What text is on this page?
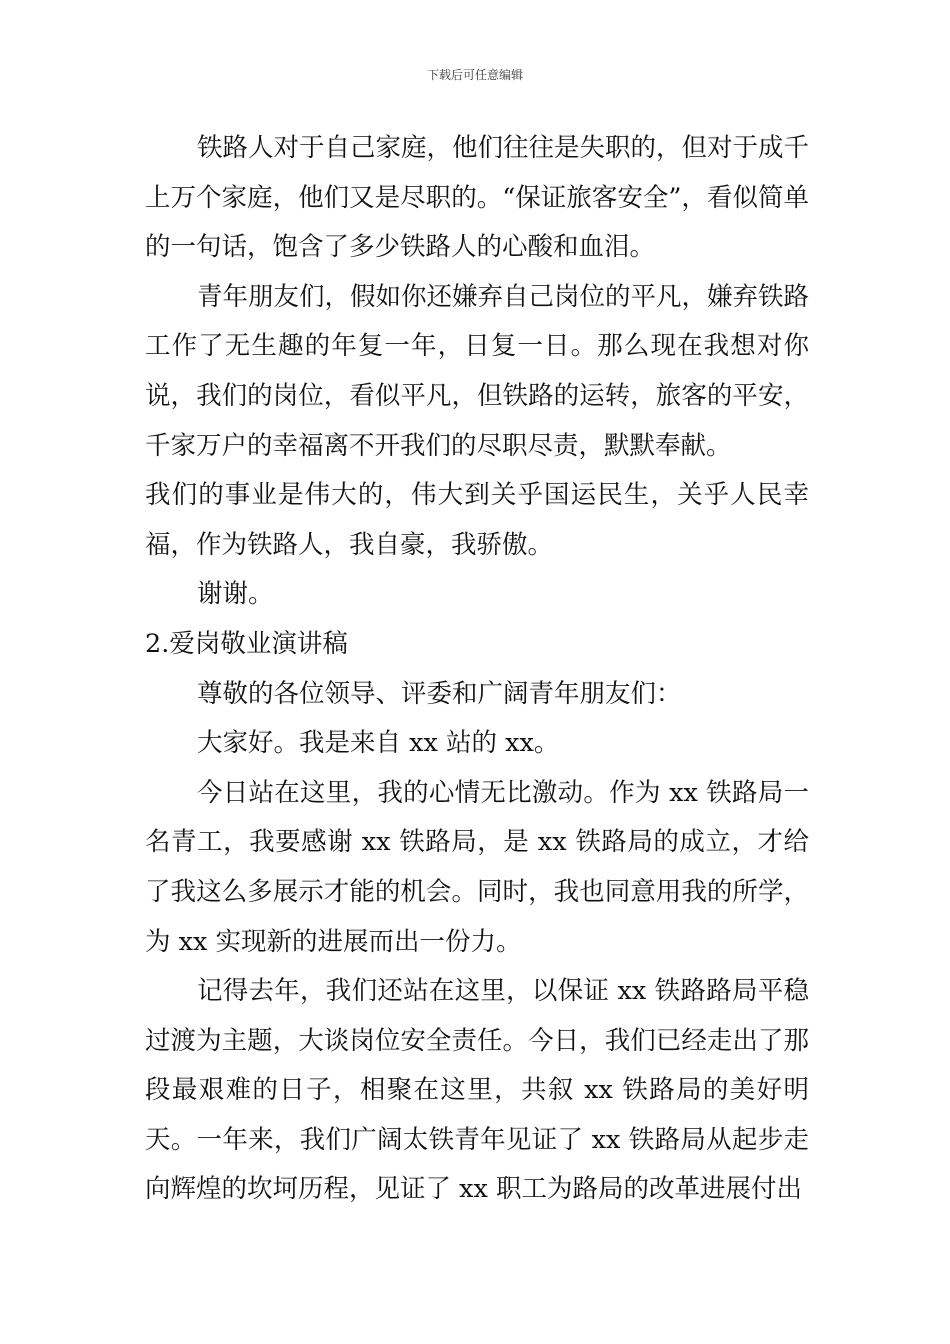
下载后可任意编辑

铁路人对于自己家庭，他们往往是失职的，但对于成千上万个家庭，他们又是尽职的。“保证旅客安全”，看似简单的一句话，饱含了多少铁路人的心酸和血泪。

青年朋友们，假如你还嫌弃自己岗位的平凡，嫌弃铁路工作了无生趣的年复一年，日复一日。那么现在我想对你说，我们的岗位，看似平凡，但铁路的运转，旅客的平安，千家万户的幸福离不开我们的尽职尽责，默默奉献。

我们的事业是伟大的，伟大到关乎国运民生，关乎人民幸福，作为铁路人，我自豪，我骄傲。

谢谢。

2.爱岗敬业演讲稿

尊敬的各位领导、评委和广阔青年朋友们：

大家好。我是来自 xx 站的 xx。

今日站在这里，我的心情无比激动。作为 xx 铁路局一名青工，我要感谢 xx 铁路局，是 xx 铁路局的成立，才给了我这么多展示才能的机会。同时，我也同意用我的所学，为 xx 实现新的进展而出一份力。

记得去年，我们还站在这里，以保证 xx 铁路路局平稳过渡为主题，大谈岗位安全责任。今日，我们已经走出了那段最艰难的日子，相聚在这里，共叙 xx 铁路局的美好明天。一年来，我们广阔太铁青年见证了 xx 铁路局从起步走向辉煌的坎坷历程，见证了 xx 职工为路局的改革进展付出
